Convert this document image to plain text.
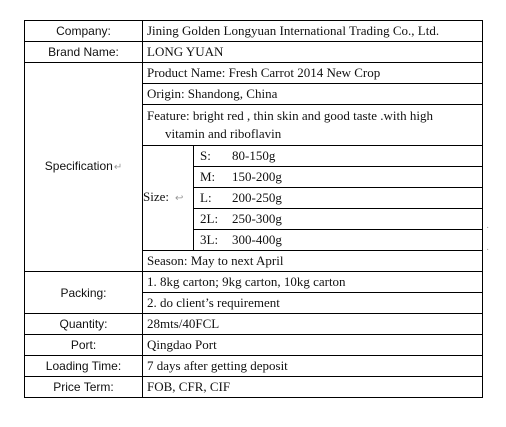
Company:	Jining Golden Longyuan International Trading Co., Ltd.
Brand Name:	LONG YUAN
Specification↵	Product Name: Fresh Carrot 2014 New Crop
Origin: Shandong, China
Feature: bright red , thin skin and good taste .with high
vitamin and riboflavin

Size: ↩	
S: 80-150g
M: 150-200g
L: 200-250g
2L: 250-300g
3L: 300-400g

Season: May to next April
Packing:	1. 8kg carton; 9kg carton, 10kg carton
2. do client’s requirement
Quantity:	28mts/40FCL
Port:	Qingdao Port
Loading Time:	7 days after getting deposit
Price Term:	FOB, CFR, CIF
·
·
